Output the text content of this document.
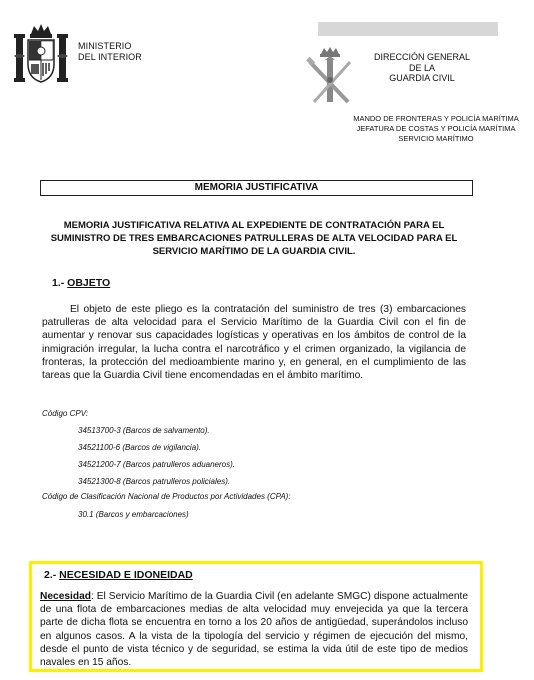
MINISTERIO
DEL INTERIOR	DIRECCIÓN GENERAL
DE LA
GUARDIA CIVIL
MANDO DE FRONTERAS Y POLICÍA MARÍTIMA
JEFATURA DE COSTAS Y POLICÍA MARÍTIMA
SERVICIO MARÍTIMO
MEMORIA JUSTIFICATIVA
MEMORIA JUSTIFICATIVA RELATIVA AL EXPEDIENTE DE CONTRATACIÓN PARA EL SUMINISTRO DE TRES EMBARCACIONES PATRULLERAS DE ALTA VELOCIDAD PARA EL SERVICIO MARÍTIMO DE LA GUARDIA CIVIL.
1.- OBJETO
El objeto de este pliego es la contratación del suministro de tres (3) embarcaciones patrulleras de alta velocidad para el Servicio Marítimo de la Guardia Civil con el fin de aumentar y renovar sus capacidades logísticas y operativas en los ámbitos de control de la inmigración irregular, la lucha contra el narcotráfico y el crimen organizado, la vigilancia de fronteras, la protección del medioambiente marino y, en general, en el cumplimiento de las tareas que la Guardia Civil tiene encomendadas en el ámbito marítimo.
Código CPV:
34513700-3 (Barcos de salvamento).
34521100-6 (Barcos de vigilancia).
34521200-7 (Barcos patrulleros aduaneros).
34521300-8 (Barcos patrulleros policiales).
Código de Clasificación Nacional de Productos por Actividades (CPA):
30.1 (Barcos y embarcaciones)
2.- NECESIDAD E IDONEIDAD
Necesidad: El Servicio Marítimo de la Guardia Civil (en adelante SMGC) dispone actualmente de una flota de embarcaciones medias de alta velocidad muy envejecida ya que la tercera parte de dicha flota se encuentra en torno a los 20 años de antigüedad, superándolos incluso en algunos casos. A la vista de la tipología del servicio y régimen de ejecución del mismo, desde el punto de vista técnico y de seguridad, se estima la vida útil de este tipo de medios navales en 15 años.
